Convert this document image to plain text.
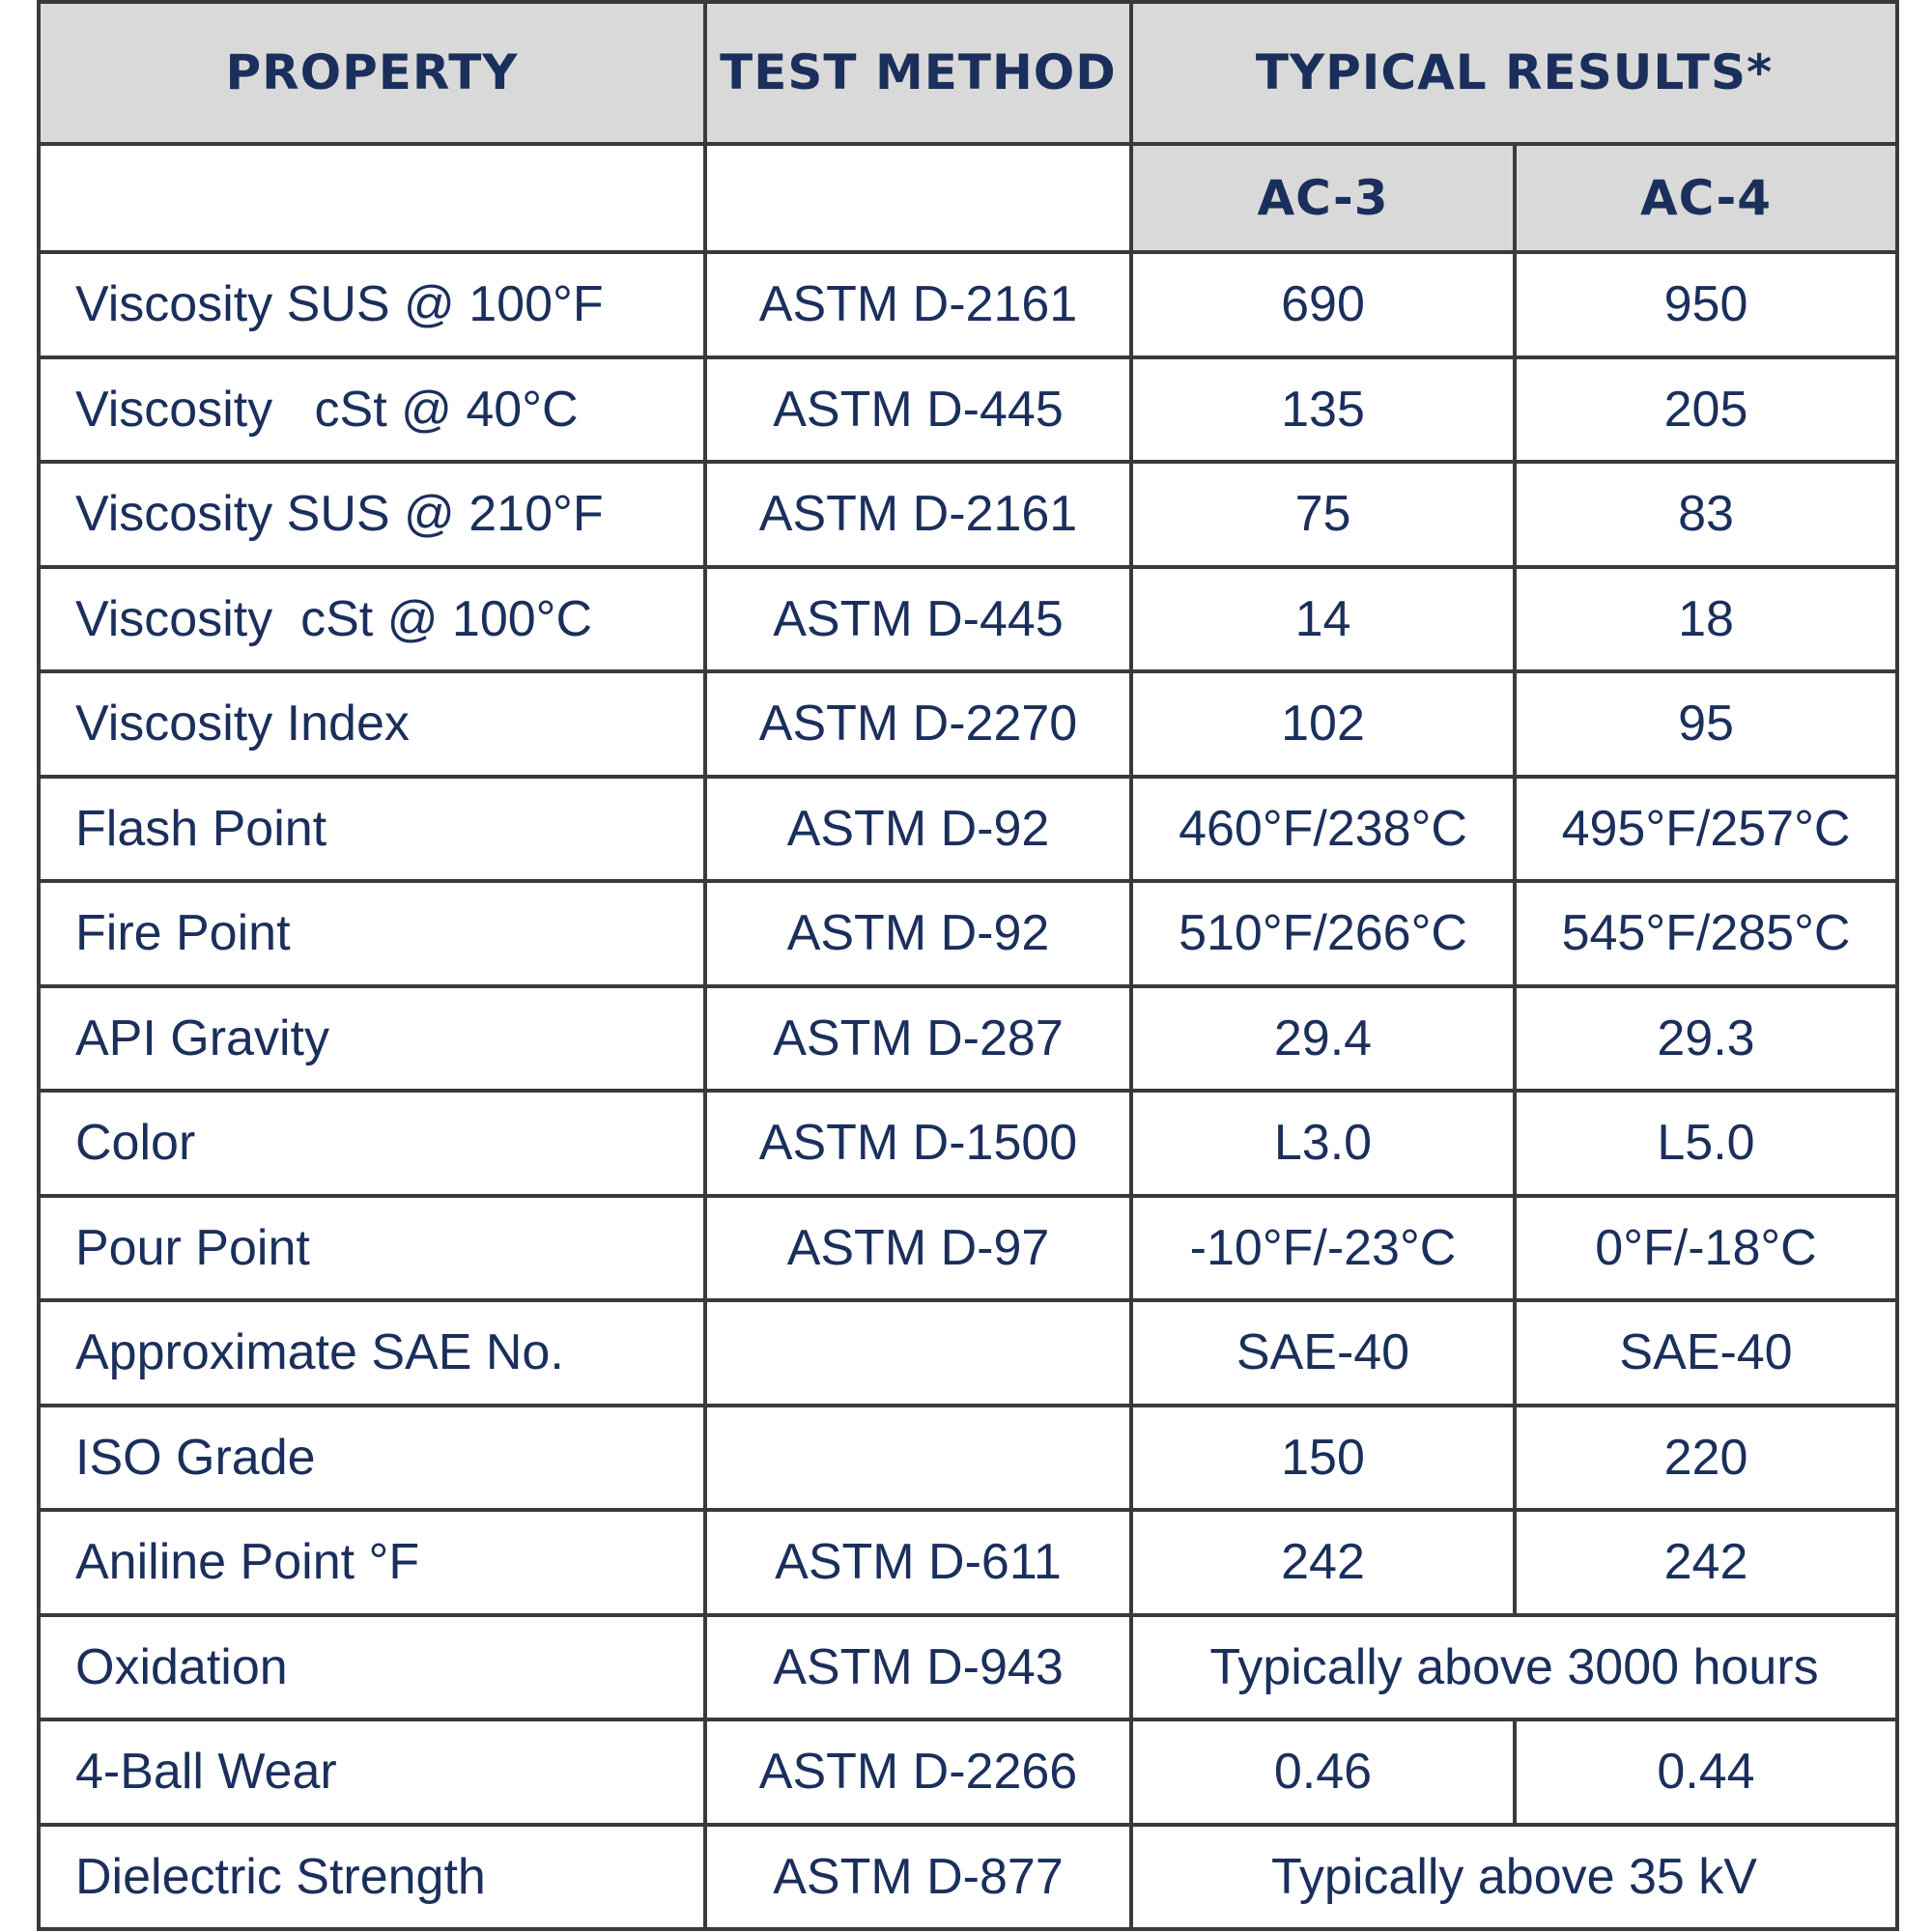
PROPERTY	TEST METHOD	TYPICAL RESULTS*	
		AC-3	AC-4
Viscosity SUS @ 100°F	ASTM D-2161	690	950
Viscosity   cSt @ 40°C	ASTM D-445	135	205
Viscosity SUS @ 210°F	ASTM D-2161	75	83
Viscosity  cSt @ 100°C	ASTM D-445	14	18
Viscosity Index	ASTM D-2270	102	95
Flash Point	ASTM D-92	460°F/238°C	495°F/257°C
Fire Point	ASTM D-92	510°F/266°C	545°F/285°C
API Gravity	ASTM D-287	29.4	29.3
Color	ASTM D-1500	L3.0	L5.0
Pour Point	ASTM D-97	-10°F/-23°C	0°F/-18°C
Approximate SAE No.		SAE-40	SAE-40
ISO Grade		150	220
Aniline Point °F	ASTM D-611	242	242
Oxidation	ASTM D-943	Typically above 3000 hours	
4-Ball Wear	ASTM D-2266	0.46	0.44
Dielectric Strength	ASTM D-877	Typically above 35 kV	
